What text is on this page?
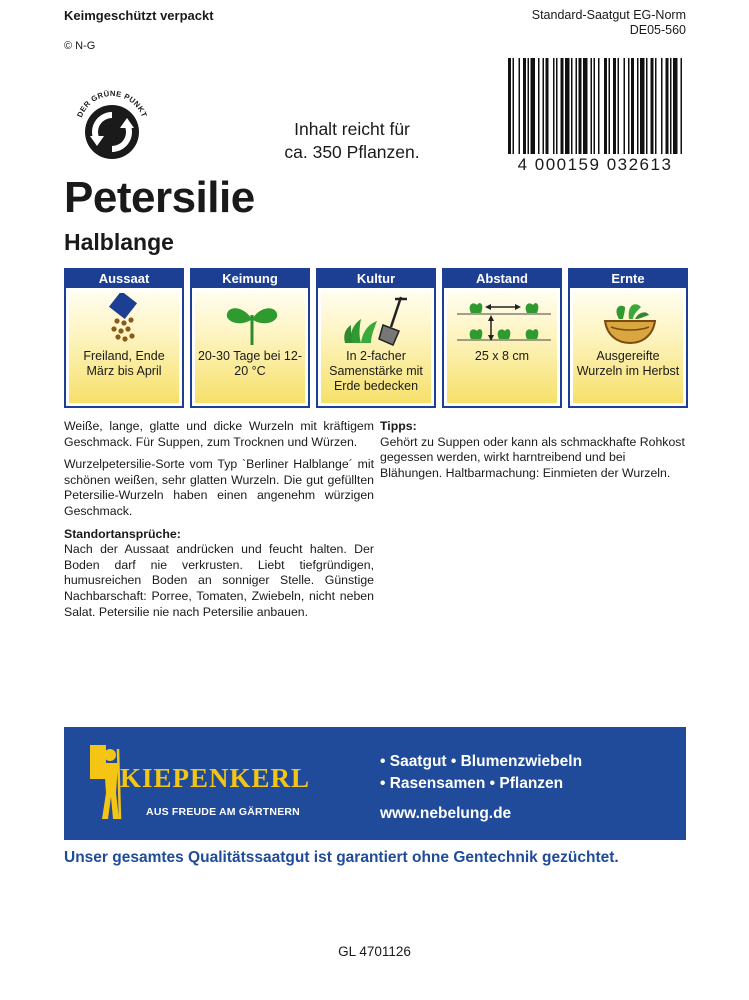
Keimgeschützt verpackt
© N-G
Standard-Saatgut EG-Norm
DE05-560
DER GRÜNE PUNKT
Inhalt reicht für
ca. 350 Pflanzen.
4 000159 032613
Petersilie
Halblange
Aussaat
Freiland, Ende März bis April
Keimung
20-30 Tage bei 12-20 °C
Kultur
In 2-facher Samenstärke mit Erde bedecken
Abstand
25 x 8 cm
Ernte
Ausgereifte Wurzeln im Herbst

Weiße, lange, glatte und dicke Wurzeln mit kräftigem Geschmack. Für Suppen, zum Trocknen und Würzen.

Wurzelpetersilie-Sorte vom Typ `Berliner Halblange´ mit schönen weißen, sehr glatten Wurzeln. Die gut gefüllten Petersilie-Wurzeln haben einen angenehm würzigen Geschmack.

Standortansprüche:

Nach der Aussaat andrücken und feucht halten. Der Boden darf nie verkrusten. Liebt tiefgründigen, humusreichen Boden an sonniger Stelle. Günstige Nachbarschaft: Porree, Tomaten, Zwiebeln, nicht neben Salat. Petersilie nie nach Petersilie anbauen.

Tipps:

Gehört zu Suppen oder kann als schmackhafte Rohkost gegessen werden, wirkt harntreibend und bei Blähungen. Haltbarmachung: Einmieten der Wurzeln.

KIEPENKERL
AUS FREUDE AM GÄRTNERN
• Saatgut • Blumenzwiebeln
• Rasensamen • Pflanzen
www.nebelung.de
Unser gesamtes Qualitätssaatgut ist garantiert ohne Gentechnik gezüchtet.
GL 4701126
